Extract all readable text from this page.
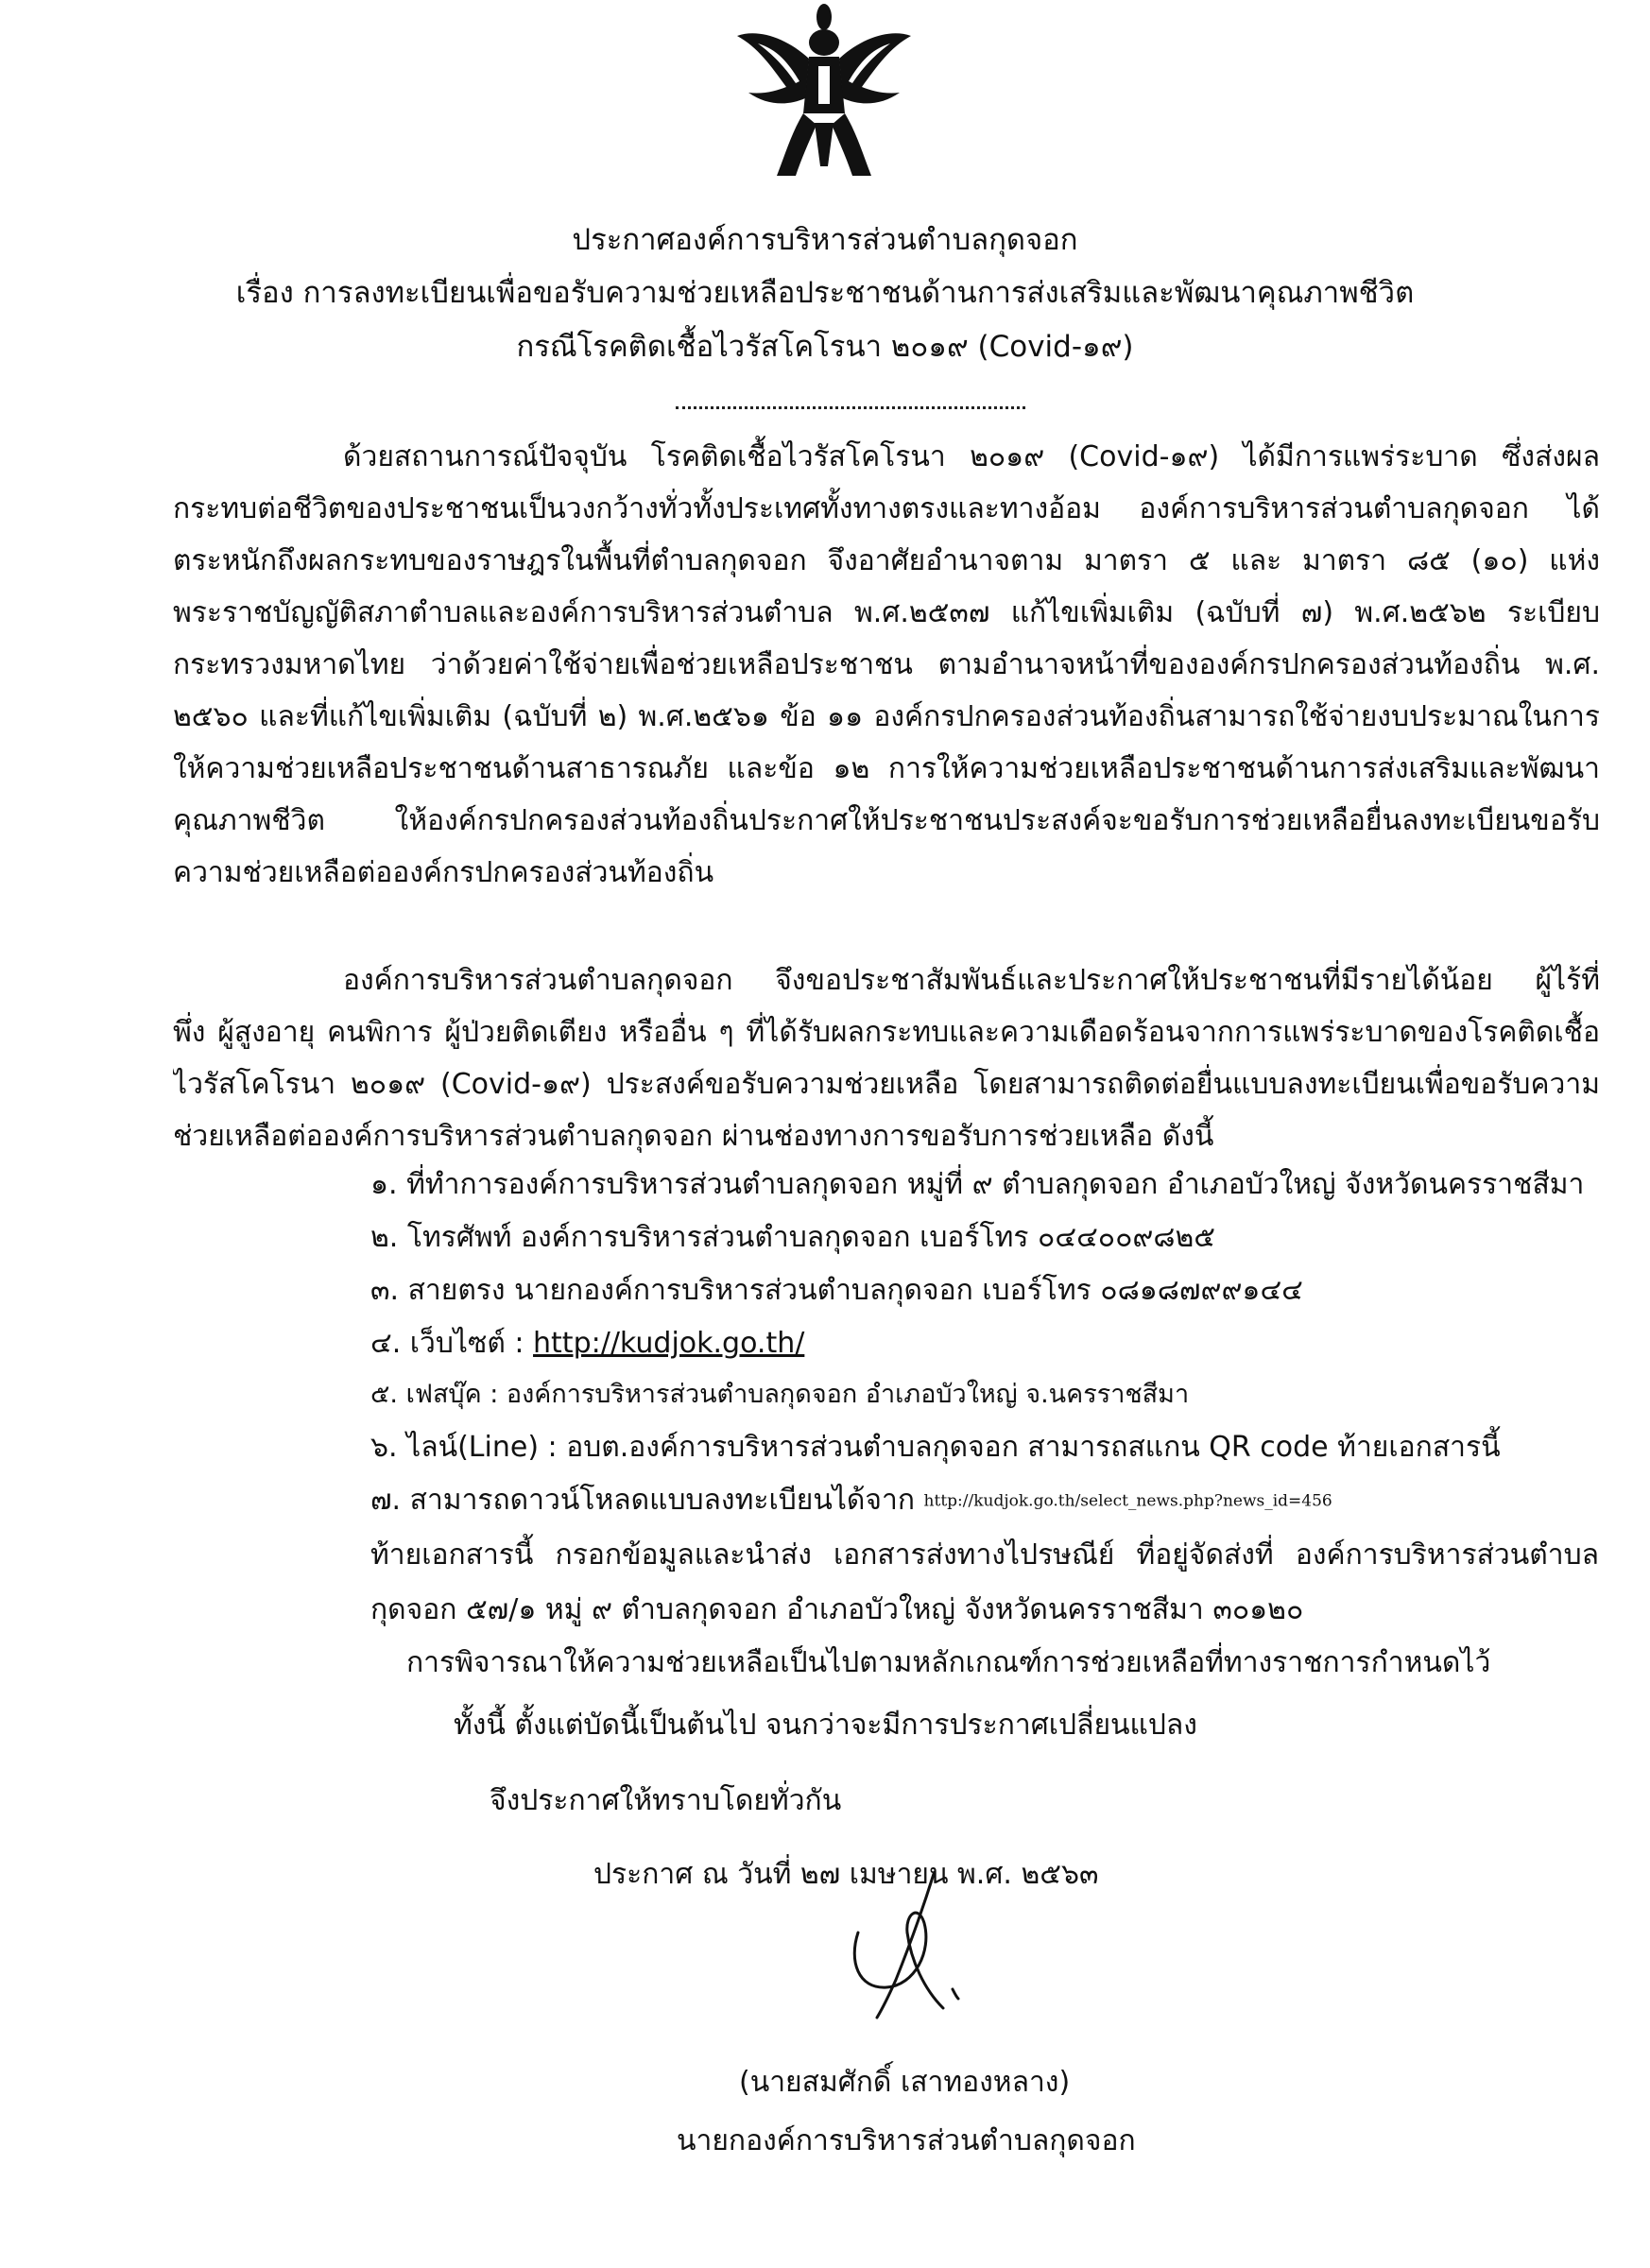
ประกาศองค์การบริหารส่วนตำบลกุดจอก
เรื่อง การลงทะเบียนเพื่อขอรับความช่วยเหลือประชาชนด้านการส่งเสริมและพัฒนาคุณภาพชีวิต
กรณีโรคติดเชื้อไวรัสโคโรนา ๒๐๑๙ (Covid-๑๙)
ด้วยสถานการณ์ปัจจุบัน โรคติดเชื้อไวรัสโคโรนา ๒๐๑๙ (Covid-๑๙) ได้มีการแพร่ระบาด ซึ่งส่งผล
กระทบต่อชีวิตของประชาชนเป็นวงกว้างทั่วทั้งประเทศทั้งทางตรงและทางอ้อม องค์การบริหารส่วนตำบลกุดจอก ได้
ตระหนักถึงผลกระทบของราษฎรในพื้นที่ตำบลกุดจอก จึงอาศัยอำนาจตาม มาตรา ๕ และ มาตรา ๘๕ (๑๐) แห่ง
พระราชบัญญัติสภาตำบลและองค์การบริหารส่วนตำบล พ.ศ.๒๕๓๗ แก้ไขเพิ่มเติม (ฉบับที่ ๗) พ.ศ.๒๕๖๒ ระเบียบ
กระทรวงมหาดไทย ว่าด้วยค่าใช้จ่ายเพื่อช่วยเหลือประชาชน ตามอำนาจหน้าที่ขององค์กรปกครองส่วนท้องถิ่น พ.ศ.
๒๕๖๐ และที่แก้ไขเพิ่มเติม (ฉบับที่ ๒) พ.ศ.๒๕๖๑ ข้อ ๑๑ องค์กรปกครองส่วนท้องถิ่นสามารถใช้จ่ายงบประมาณในการ
ให้ความช่วยเหลือประชาชนด้านสาธารณภัย และข้อ ๑๒ การให้ความช่วยเหลือประชาชนด้านการส่งเสริมและพัฒนา
คุณภาพชีวิต ให้องค์กรปกครองส่วนท้องถิ่นประกาศให้ประชาชนประสงค์จะขอรับการช่วยเหลือยื่นลงทะเบียนขอรับ
ความช่วยเหลือต่อองค์กรปกครองส่วนท้องถิ่น
องค์การบริหารส่วนตำบลกุดจอก จึงขอประชาสัมพันธ์และประกาศให้ประชาชนที่มีรายได้น้อย ผู้ไร้ที่
พึ่ง ผู้สูงอายุ คนพิการ ผู้ป่วยติดเตียง หรืออื่น ๆ ที่ได้รับผลกระทบและความเดือดร้อนจากการแพร่ระบาดของโรคติดเชื้อ
ไวรัสโคโรนา ๒๐๑๙ (Covid-๑๙) ประสงค์ขอรับความช่วยเหลือ โดยสามารถติดต่อยื่นแบบลงทะเบียนเพื่อขอรับความ
ช่วยเหลือต่อองค์การบริหารส่วนตำบลกุดจอก ผ่านช่องทางการขอรับการช่วยเหลือ ดังนี้
๑. ที่ทำการองค์การบริหารส่วนตำบลกุดจอก หมู่ที่ ๙ ตำบลกุดจอก อำเภอบัวใหญ่ จังหวัดนครราชสีมา
๒. โทรศัพท์ องค์การบริหารส่วนตำบลกุดจอก เบอร์โทร ๐๔๔๐๐๙๘๒๕
๓. สายตรง นายกองค์การบริหารส่วนตำบลกุดจอก เบอร์โทร ๐๘๑๘๗๙๙๑๔๔
๔. เว็บไซต์ : http://kudjok.go.th/
๕. เฟสบุ๊ค : องค์การบริหารส่วนตำบลกุดจอก อำเภอบัวใหญ่ จ.นครราชสีมา
๖. ไลน์(Line) : อบต.องค์การบริหารส่วนตำบลกุดจอก สามารถสแกน QR code ท้ายเอกสารนี้
๗. สามารถดาวน์โหลดแบบลงทะเบียนได้จาก http://kudjok.go.th/select_news.php?news_id=456
ท้ายเอกสารนี้ กรอกข้อมูลและนำส่ง เอกสารส่งทางไปรษณีย์ ที่อยู่จัดส่งที่ องค์การบริหารส่วนตำบล
กุดจอก ๕๗/๑ หมู่ ๙ ตำบลกุดจอก อำเภอบัวใหญ่ จังหวัดนครราชสีมา ๓๐๑๒๐
การพิจารณาให้ความช่วยเหลือเป็นไปตามหลักเกณฑ์การช่วยเหลือที่ทางราชการกำหนดไว้
ทั้งนี้ ตั้งแต่บัดนี้เป็นต้นไป จนกว่าจะมีการประกาศเปลี่ยนแปลง
จึงประกาศให้ทราบโดยทั่วกัน
ประกาศ ณ วันที่ ๒๗ เมษายน พ.ศ. ๒๕๖๓
(นายสมศักดิ์ เสาทองหลาง)
นายกองค์การบริหารส่วนตำบลกุดจอก
